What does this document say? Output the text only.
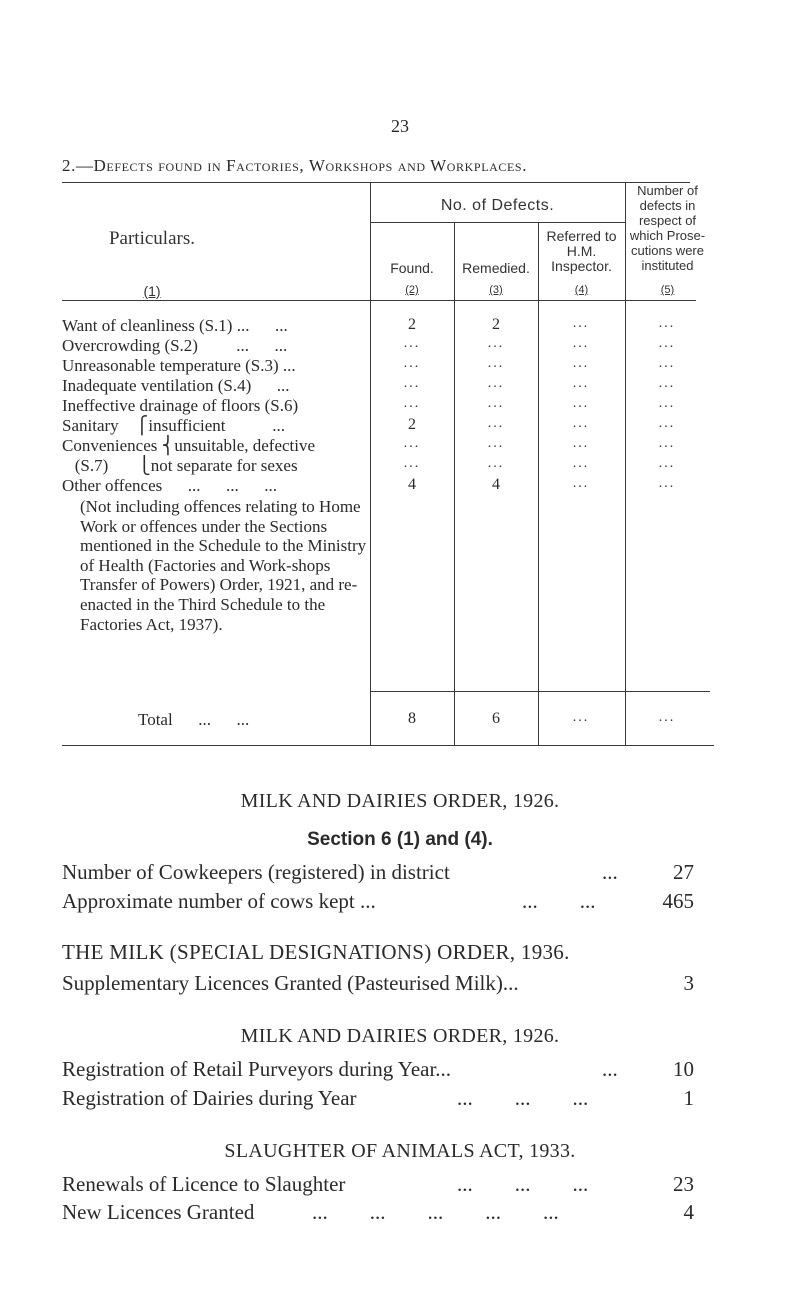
23
2.—Defects found in Factories, Workshops and Workplaces.
Particulars.
(1)
No. of Defects.
Found.
(2)
Remedied.
(3)
Referred to
H.M.
Inspector.
(4)
Number of
defects in
respect of
which Prose-
cutions were
instituted
(5)
Want of cleanliness (S.1) ...      ...	2	2	...	...
Overcrowding (S.2)         ...      ...	...	...	...	...
Unreasonable temperature (S.3) ...	...	...	...	...
Inadequate ventilation (S.4)      ...	...	...	...	...
Ineffective drainage of floors (S.6)	...	...	...	...
Sanitary    ⎧insufficient           ...	2	...	...	...
Conveniences ⎨unsuitable, defective	...	...	...	...
(S.7)       ⎩not separate for sexes	...	...	...	...
Other offences      ...      ...      ...	4	4	...	...
(Not including offences relating to Home Work or offences under the Sections mentioned in the Schedule to the Ministry of Health (Factories and Work-shops Transfer of Powers) Order, 1921, and re-enacted in the Third Schedule to the Factories Act, 1937).
Total      ...      ...	8	6	...	...
MILK AND DAIRIES ORDER, 1926.
Section 6 (1) and (4).
Number of Cowkeepers (registered) in district	...	27
Approximate number of cows kept ...	...        ...	465
THE MILK (SPECIAL DESIGNATIONS) ORDER, 1936.
Supplementary Licences Granted (Pasteurised Milk)...	3
MILK AND DAIRIES ORDER, 1926.
Registration of Retail Purveyors during Year...	...	10
Registration of Dairies during Year	...        ...        ...	1
SLAUGHTER OF ANIMALS ACT, 1933.
Renewals of Licence to Slaughter	...        ...        ...	23
New Licences Granted	...        ...        ...        ...        ...	4
